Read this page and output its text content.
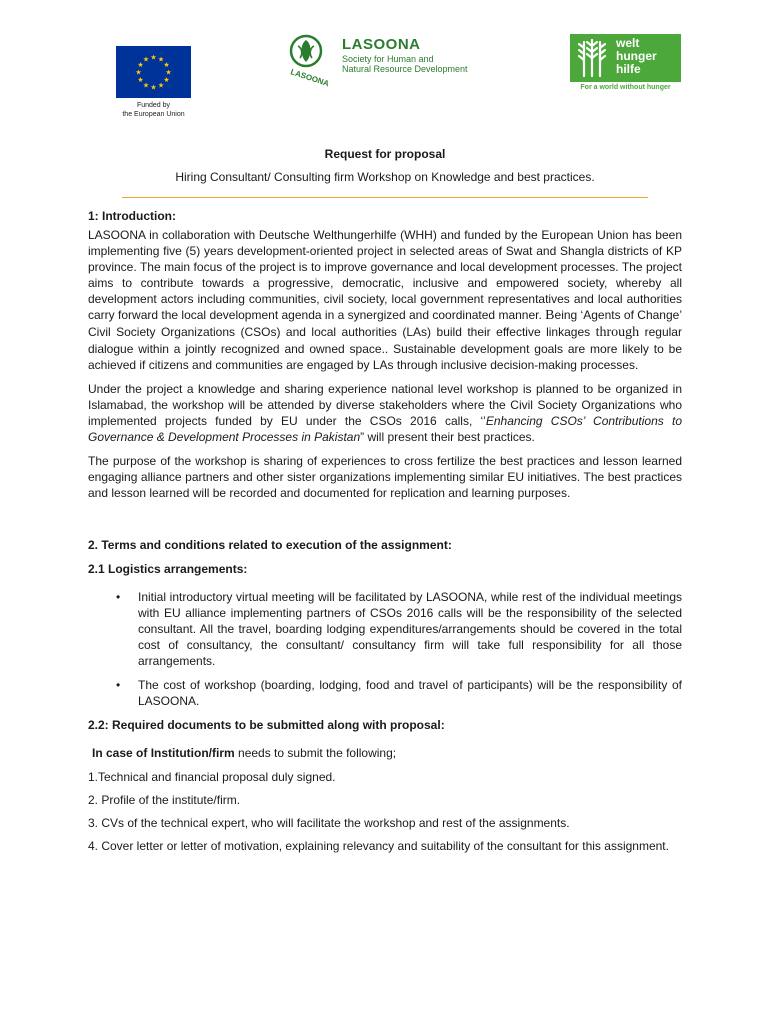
★ ★
★
★
★
★
★
★
★
★
★
★
Funded by
the European Union
LASOONA
LASOONA
Society for Human and
Natural Resource Development
welt
hunger
hilfe
For a world without hunger

Request for proposal

Hiring Consultant/ Consulting firm Workshop on Knowledge and best practices.

1: Introduction:

LASOONA in collaboration with Deutsche Welthungerhilfe (WHH) and funded by the European Union has been implementing five (5) years development-oriented project in selected areas of Swat and Shangla districts of KP province. The main focus of the project is to improve governance and local development processes. The project aims to contribute towards a progressive, democratic, inclusive and empowered society, whereby all development actors including communities, civil society, local government representatives and local authorities carry forward the local development agenda in a synergized and coordinated manner. Being ‘Agents of Change’ Civil Society Organizations (CSOs) and local authorities (LAs) build their effective linkages through regular dialogue within a jointly recognized and owned space.. Sustainable development goals are more likely to be achieved if citizens and communities are engaged by LAs through inclusive decision-making processes.

Under the project a knowledge and sharing experience national level workshop is planned to be organized in Islamabad, the workshop will be attended by diverse stakeholders where the Civil Society Organizations who implemented projects funded by EU under the CSOs 2016 calls, ‘’Enhancing CSOs’ Contributions to Governance & Development Processes in Pakistan” will present their best practices.

The purpose of the workshop is sharing of experiences to cross fertilize the best practices and lesson learned engaging alliance partners and other sister organizations implementing similar EU initiatives. The best practices and lesson learned will be recorded and documented for replication and learning purposes.

2. Terms and conditions related to execution of the assignment:
2.1 Logistics arrangements:
• Initial introductory virtual meeting will be facilitated by LASOONA, while rest of the individual meetings with EU alliance implementing partners of CSOs 2016 calls will be the responsibility of the selected consultant. All the travel, boarding lodging expenditures/arrangements should be covered in the total cost of consultancy, the consultant/ consultancy firm will take full responsibility for all those arrangements.
• The cost of workshop (boarding, lodging, food and travel of participants) will be the responsibility of LASOONA.
2.2: Required documents to be submitted along with proposal:

In case of Institution/firm needs to submit the following;

1.Technical and financial proposal duly signed.

2. Profile of the institute/firm.

3. CVs of the technical expert, who will facilitate the workshop and rest of the assignments.

4. Cover letter or letter of motivation, explaining relevancy and suitability of the consultant for this assignment.
